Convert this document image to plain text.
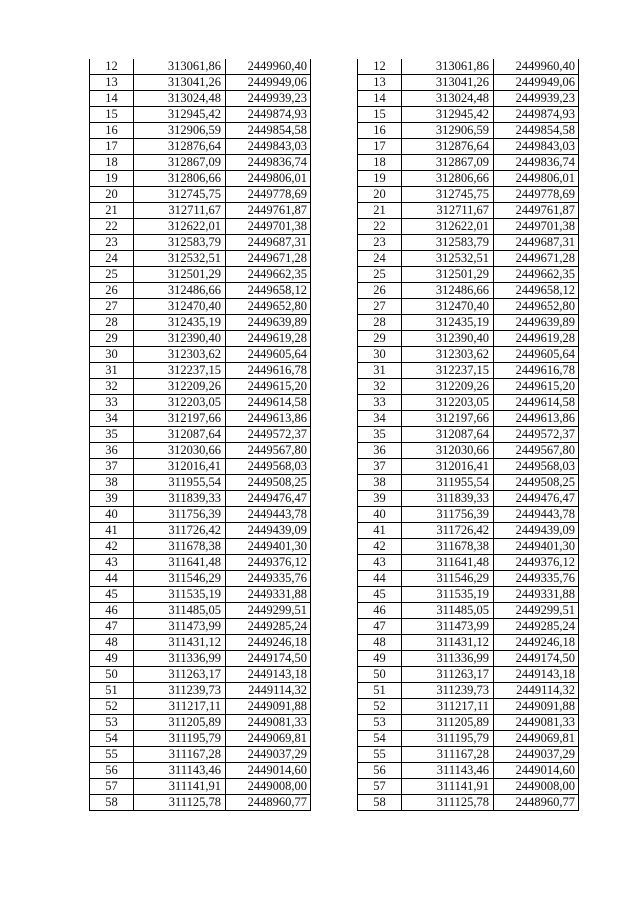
12	313061,86	2449960,40
13	313041,26	2449949,06
14	313024,48	2449939,23
15	312945,42	2449874,93
16	312906,59	2449854,58
17	312876,64	2449843,03
18	312867,09	2449836,74
19	312806,66	2449806,01
20	312745,75	2449778,69
21	312711,67	2449761,87
22	312622,01	2449701,38
23	312583,79	2449687,31
24	312532,51	2449671,28
25	312501,29	2449662,35
26	312486,66	2449658,12
27	312470,40	2449652,80
28	312435,19	2449639,89
29	312390,40	2449619,28
30	312303,62	2449605,64
31	312237,15	2449616,78
32	312209,26	2449615,20
33	312203,05	2449614,58
34	312197,66	2449613,86
35	312087,64	2449572,37
36	312030,66	2449567,80
37	312016,41	2449568,03
38	311955,54	2449508,25
39	311839,33	2449476,47
40	311756,39	2449443,78
41	311726,42	2449439,09
42	311678,38	2449401,30
43	311641,48	2449376,12
44	311546,29	2449335,76
45	311535,19	2449331,88
46	311485,05	2449299,51
47	311473,99	2449285,24
48	311431,12	2449246,18
49	311336,99	2449174,50
50	311263,17	2449143,18
51	311239,73	2449114,32
52	311217,11	2449091,88
53	311205,89	2449081,33
54	311195,79	2449069,81
55	311167,28	2449037,29
56	311143,46	2449014,60
57	311141,91	2449008,00
58	311125,78	2448960,77
12	313061,86	2449960,40
13	313041,26	2449949,06
14	313024,48	2449939,23
15	312945,42	2449874,93
16	312906,59	2449854,58
17	312876,64	2449843,03
18	312867,09	2449836,74
19	312806,66	2449806,01
20	312745,75	2449778,69
21	312711,67	2449761,87
22	312622,01	2449701,38
23	312583,79	2449687,31
24	312532,51	2449671,28
25	312501,29	2449662,35
26	312486,66	2449658,12
27	312470,40	2449652,80
28	312435,19	2449639,89
29	312390,40	2449619,28
30	312303,62	2449605,64
31	312237,15	2449616,78
32	312209,26	2449615,20
33	312203,05	2449614,58
34	312197,66	2449613,86
35	312087,64	2449572,37
36	312030,66	2449567,80
37	312016,41	2449568,03
38	311955,54	2449508,25
39	311839,33	2449476,47
40	311756,39	2449443,78
41	311726,42	2449439,09
42	311678,38	2449401,30
43	311641,48	2449376,12
44	311546,29	2449335,76
45	311535,19	2449331,88
46	311485,05	2449299,51
47	311473,99	2449285,24
48	311431,12	2449246,18
49	311336,99	2449174,50
50	311263,17	2449143,18
51	311239,73	2449114,32
52	311217,11	2449091,88
53	311205,89	2449081,33
54	311195,79	2449069,81
55	311167,28	2449037,29
56	311143,46	2449014,60
57	311141,91	2449008,00
58	311125,78	2448960,77
